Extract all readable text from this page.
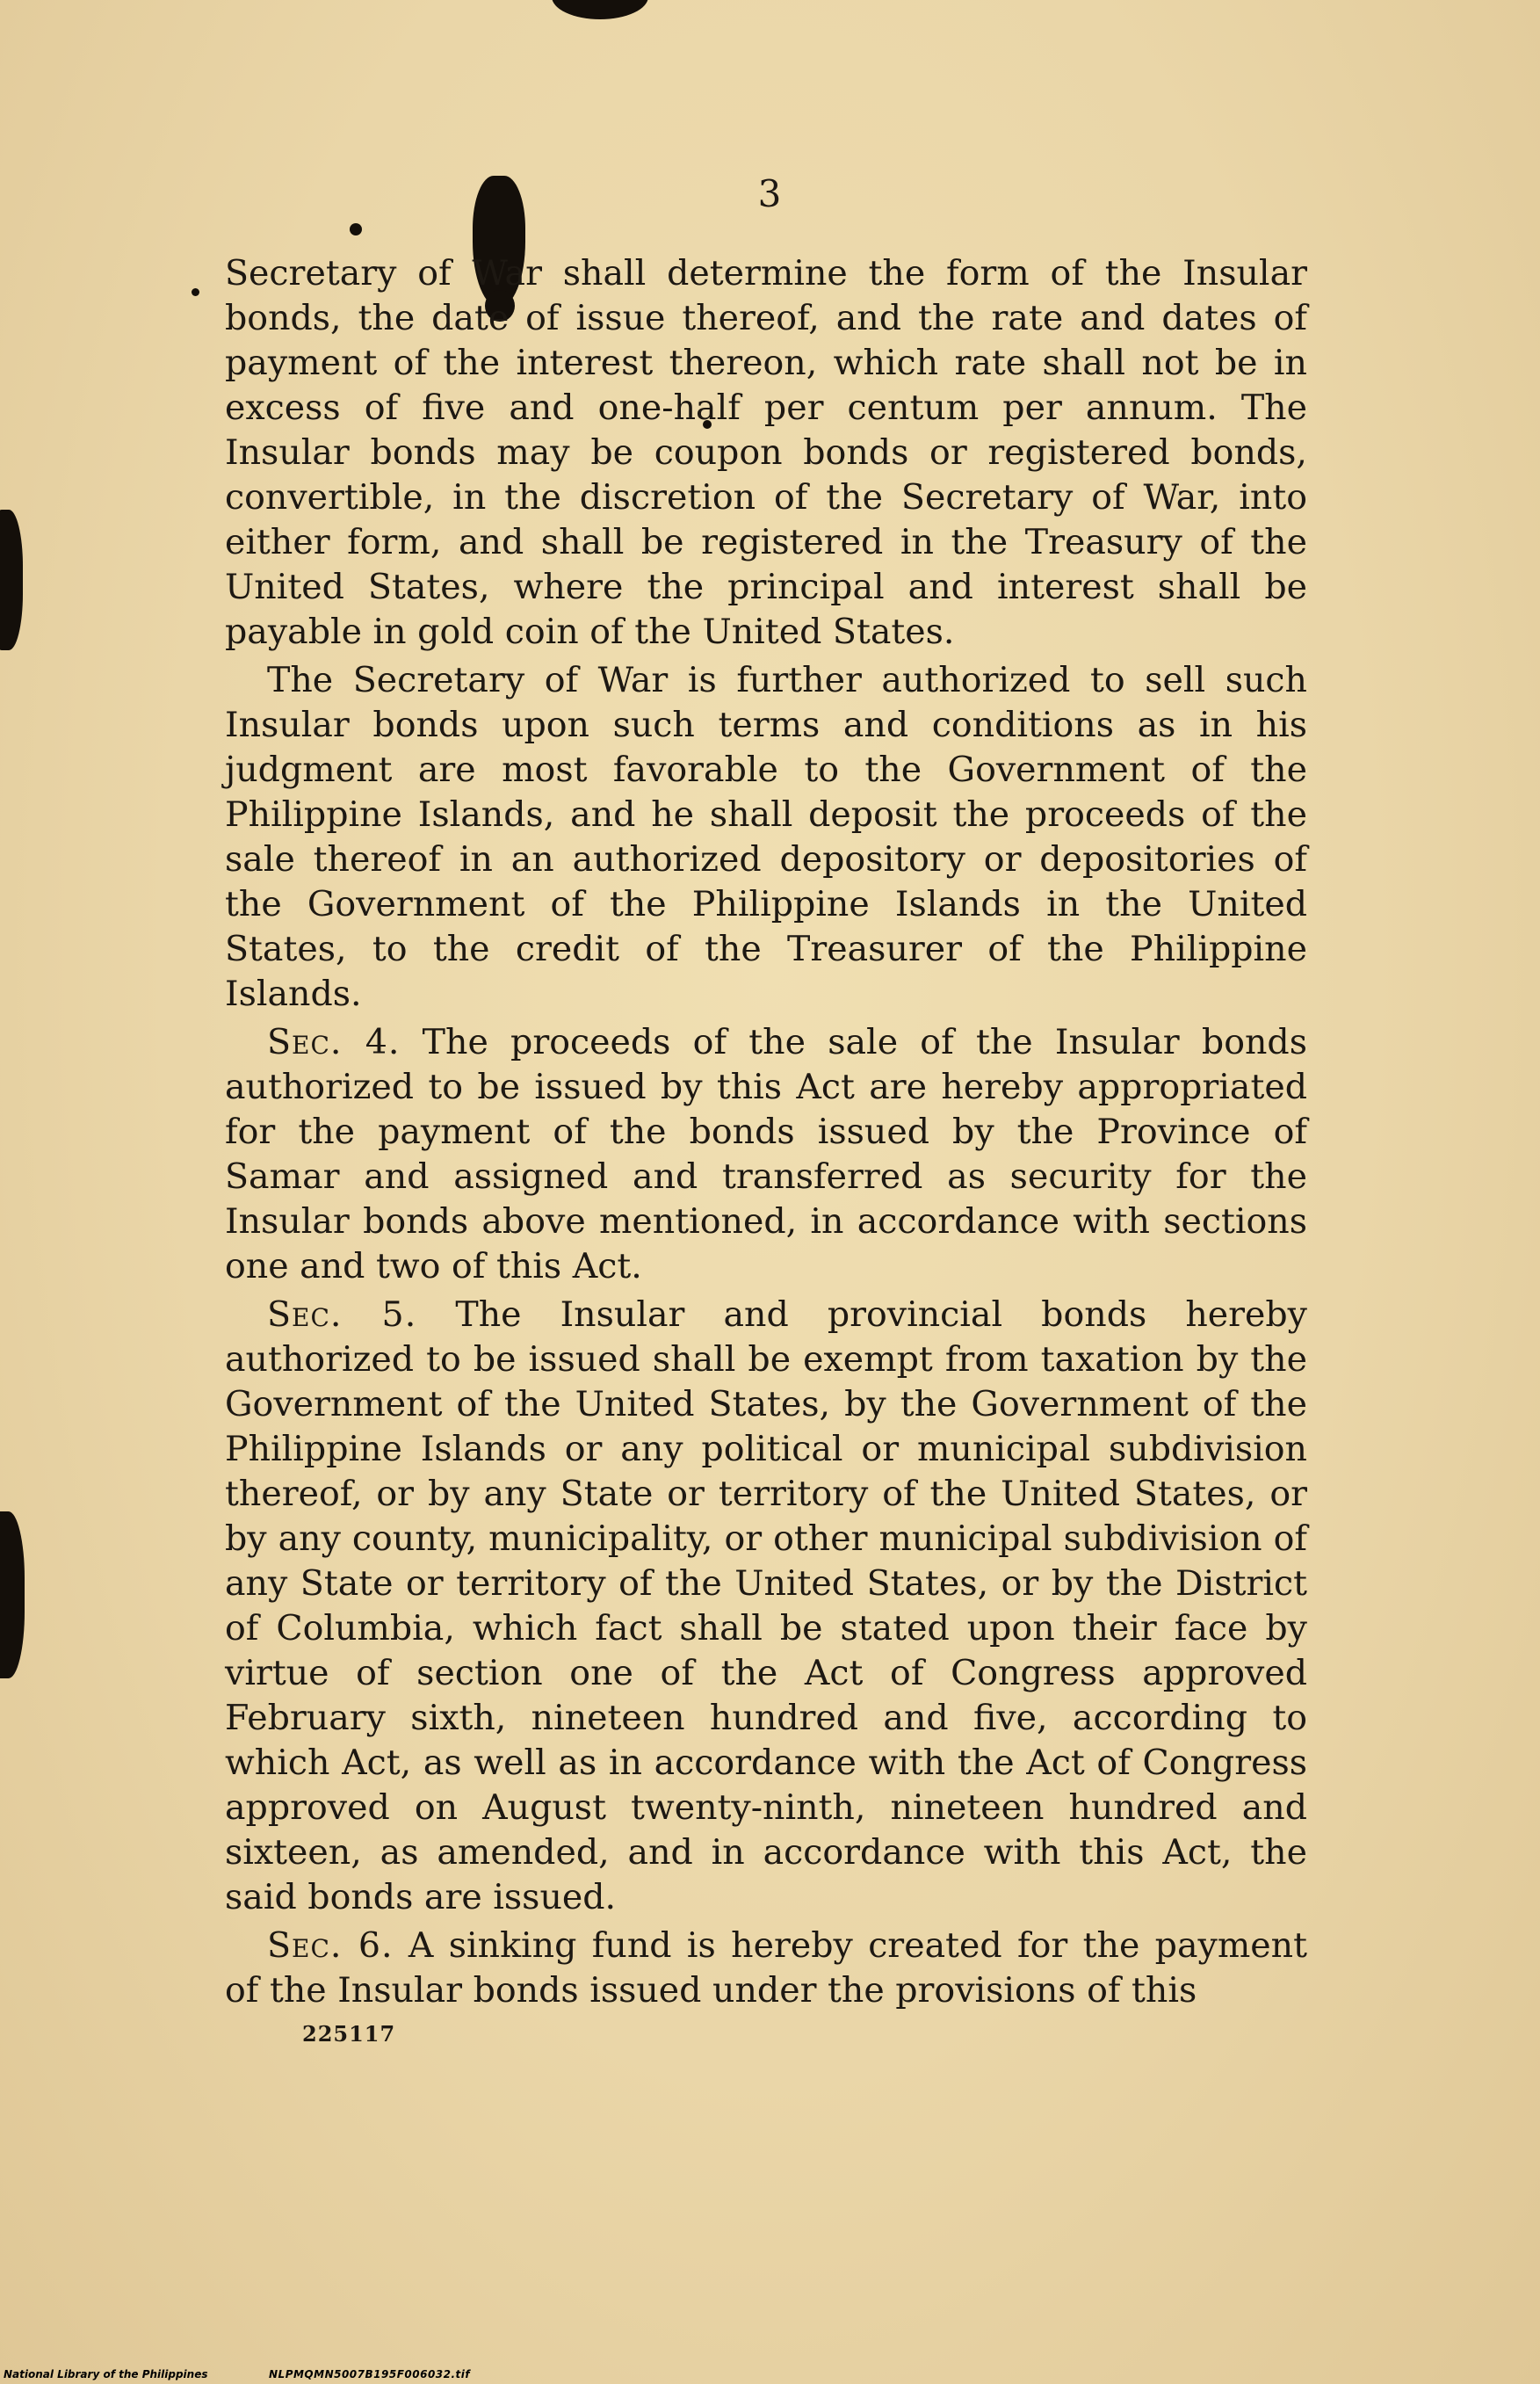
3

Secretary of War shall determine the form of the Insular bonds, the date of issue thereof, and the rate and dates of payment of the interest thereon, which rate shall not be in excess of five and one-half per centum per annum. The Insular bonds may be coupon bonds or registered bonds, convertible, in the discretion of the Secretary of War, into either form, and shall be registered in the Treasury of the United States, where the principal and interest shall be payable in gold coin of the United States.

The Secretary of War is further authorized to sell such Insular bonds upon such terms and conditions as in his judgment are most favorable to the Government of the Philippine Islands, and he shall deposit the proceeds of the sale thereof in an authorized depository or depositories of the Government of the Philippine Islands in the United States, to the credit of the Treasurer of the Philippine Islands.

Sec. 4. The proceeds of the sale of the Insular bonds authorized to be issued by this Act are hereby appropriated for the payment of the bonds issued by the Province of Samar and assigned and transferred as security for the Insular bonds above mentioned, in accordance with sections one and two of this Act.

Sec. 5. The Insular and provincial bonds hereby authorized to be issued shall be exempt from taxation by the Government of the United States, by the Government of the Philippine Islands or any political or municipal subdivision thereof, or by any State or territory of the United States, or by any county, municipality, or other municipal subdivision of any State or territory of the United States, or by the District of Columbia, which fact shall be stated upon their face by virtue of section one of the Act of Congress approved February sixth, nineteen hundred and five, according to which Act, as well as in accordance with the Act of Congress approved on August twenty-ninth, nineteen hundred and sixteen, as amended, and in accordance with this Act, the said bonds are issued.

Sec. 6. A sinking fund is hereby created for the payment of the Insular bonds issued under the provisions of this

225117
National Library of the Philippines	NLPMQMN5007B195F006032.tif
